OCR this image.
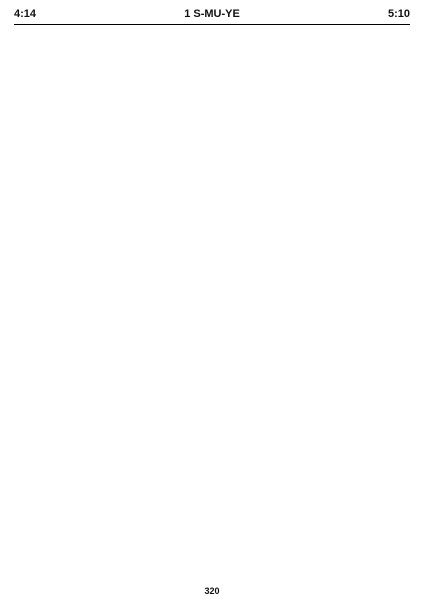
4:14	1 S-MU-YE	5:10
320
